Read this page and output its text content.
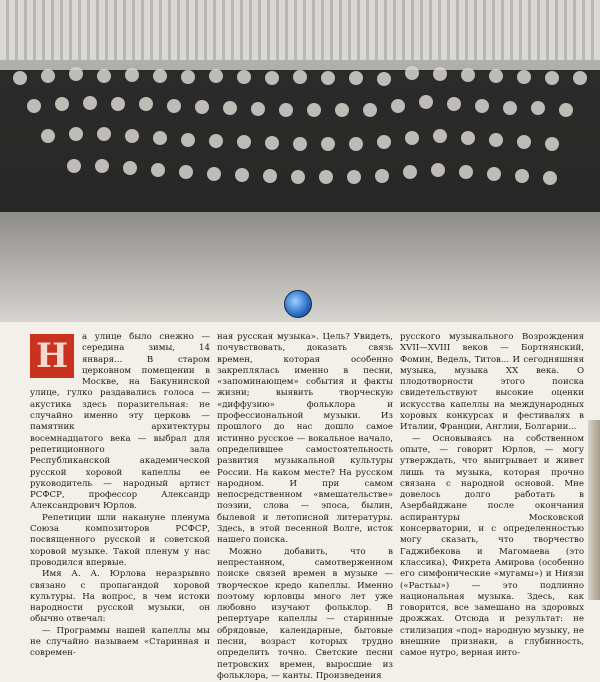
Н	а улице было снежно — середина зимы, 14 января... В старом церковном помещении в Москве, на Бакунинской улице, гулко раздавались голоса — акустика здесь поразительная: не случайно именно эту церковь — памятник архитектуры восемнадцатого века — выбрал для репетиционного зала Республиканской академической русской хоровой капеллы ее руководитель — народный артист РСФСР, профессор Александр Александрович Юрлов.

Репетиции шли накануне пленума Союза композиторов РСФСР, посвященного русской и советской хоровой музыке. Такой пленум у нас проводился впервые.

Имя А. А. Юрлова неразрывно связано с пропагандой хоровой культуры. На вопрос, в чем истоки народности русской музыки, он обычно отвечал:

— Программы нашей капеллы мы не случайно называем «Старинная и современ-

ная русская музыка». Цель? Увидеть, почувствовать, доказать связь времен, которая особенно закреплялась именно в песни, «запоминающем» события и факты жизни; выявить творческую «диффузию» фольклора и профессиональной музыки. Из прошлого до нас дошло самое истинно русское — вокальное начало, определившее самостоятельность развития музыкальной культуры России. На каком месте? На русском народном. И при самом непосредственном «вмешательстве» поэзии, слова — эпоса, былин, былевой и летописной литературы. Здесь, в этой песенной Волге, исток нашего поиска.

Можно добавить, что в непрестанном, самотверженном поиске связей времен в музыке — творческое кредо капеллы. Именно поэтому юрловцы много лет уже любовно изучают фольклор. В репертуаре капеллы — старинные обрядовые, календарные, бытовые песни, возраст которых трудно определить точно. Светские песни петровских времен, выросшие из фольклора, — канты. Произведения

русского музыкального Возрождения XVII—XVIII веков — Бортнянский, Фомин, Ведель, Титов... И сегодняшняя музыка, музыка XX века. О плодотворности этого поиска свидетельствуют высокие оценки искусства капеллы на международных хоровых конкурсах и фестивалях в Италии, Франции, Англии, Болгарии...

— Основываясь на собственном опыте, — говорит Юрлов, — могу утверждать, что выигрывает и живет лишь та музыка, которая прочно связана с народной основой. Мне довелось долго работать в Азербайджане после окончания аспирантуры Московской консерватории, и с определенностью могу сказать, что творчество Гаджибекова и Магомаева (это классика), Фикрета Амирова (особенно его симфонические «мугамы») и Ниязи («Растьы») — это подлинно национальная музыка. Здесь, как говорится, все замешано на здоровых дрожжах. Отсюда и результат: не стилизация «под» народную музыку, не внешние признаки, а глубинность, самое нутро, верная инто-
